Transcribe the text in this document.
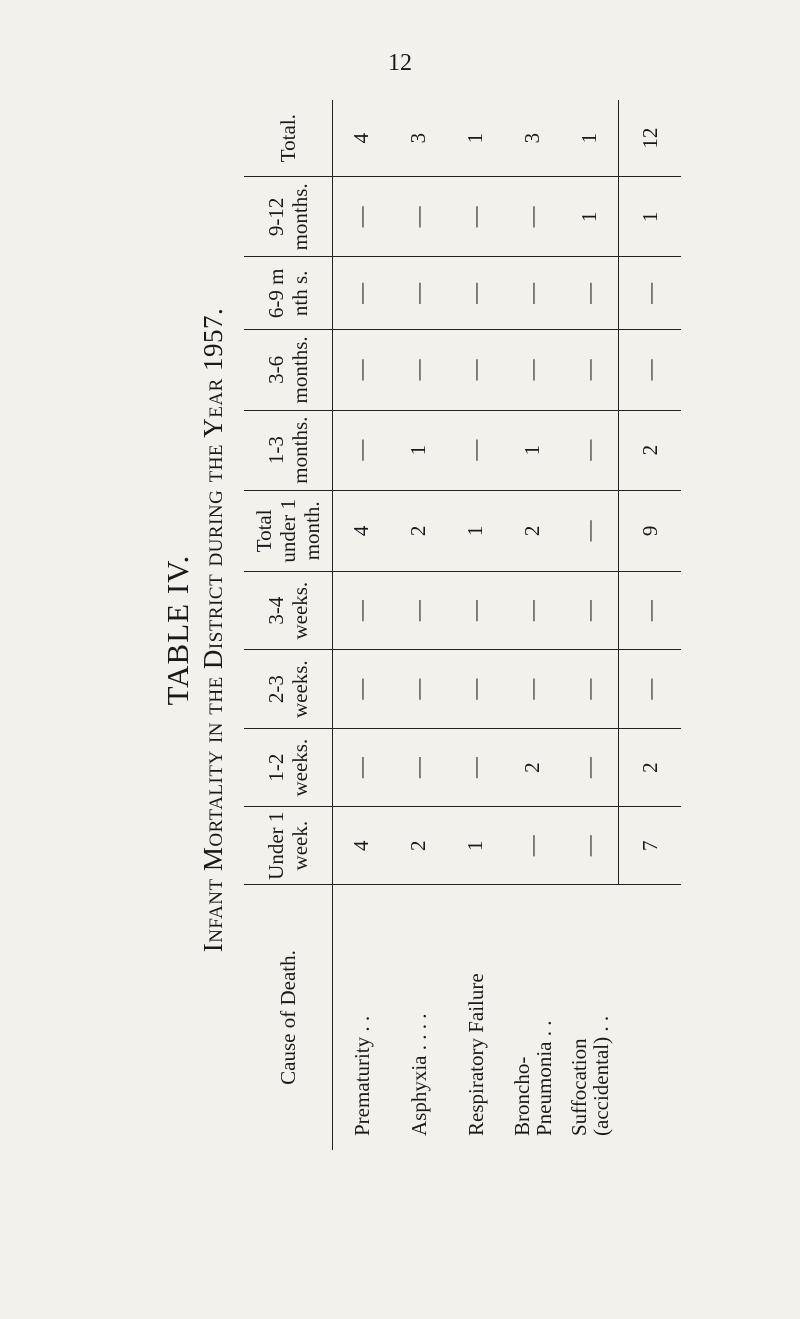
12
TABLE IV. Infant Mortality in the District during the Year 1957.
Cause of Death.	Under 1 week.	1-2 weeks.	2-3 weeks.	3-4 weeks.	Total under 1 month.	1-3 months.	3-6 months.	6-9 m nth s.	9-12 months.	Total.
Prematurity . .	4	—	—	—	4	—	—	—	—	4
Asphyxia . . . .	2	—	—	—	2	1	—	—	—	3
Respiratory Failure	1	—	—	—	1	—	—	—	—	1
Broncho-
Pneumonia . .	—	2	—	—	2	1	—	—	—	3
Suffocation
(accidental) . .	—	—	—	—	—	—	—	—	1	1
	7	2	—	—	9	2	—	—	1	12
